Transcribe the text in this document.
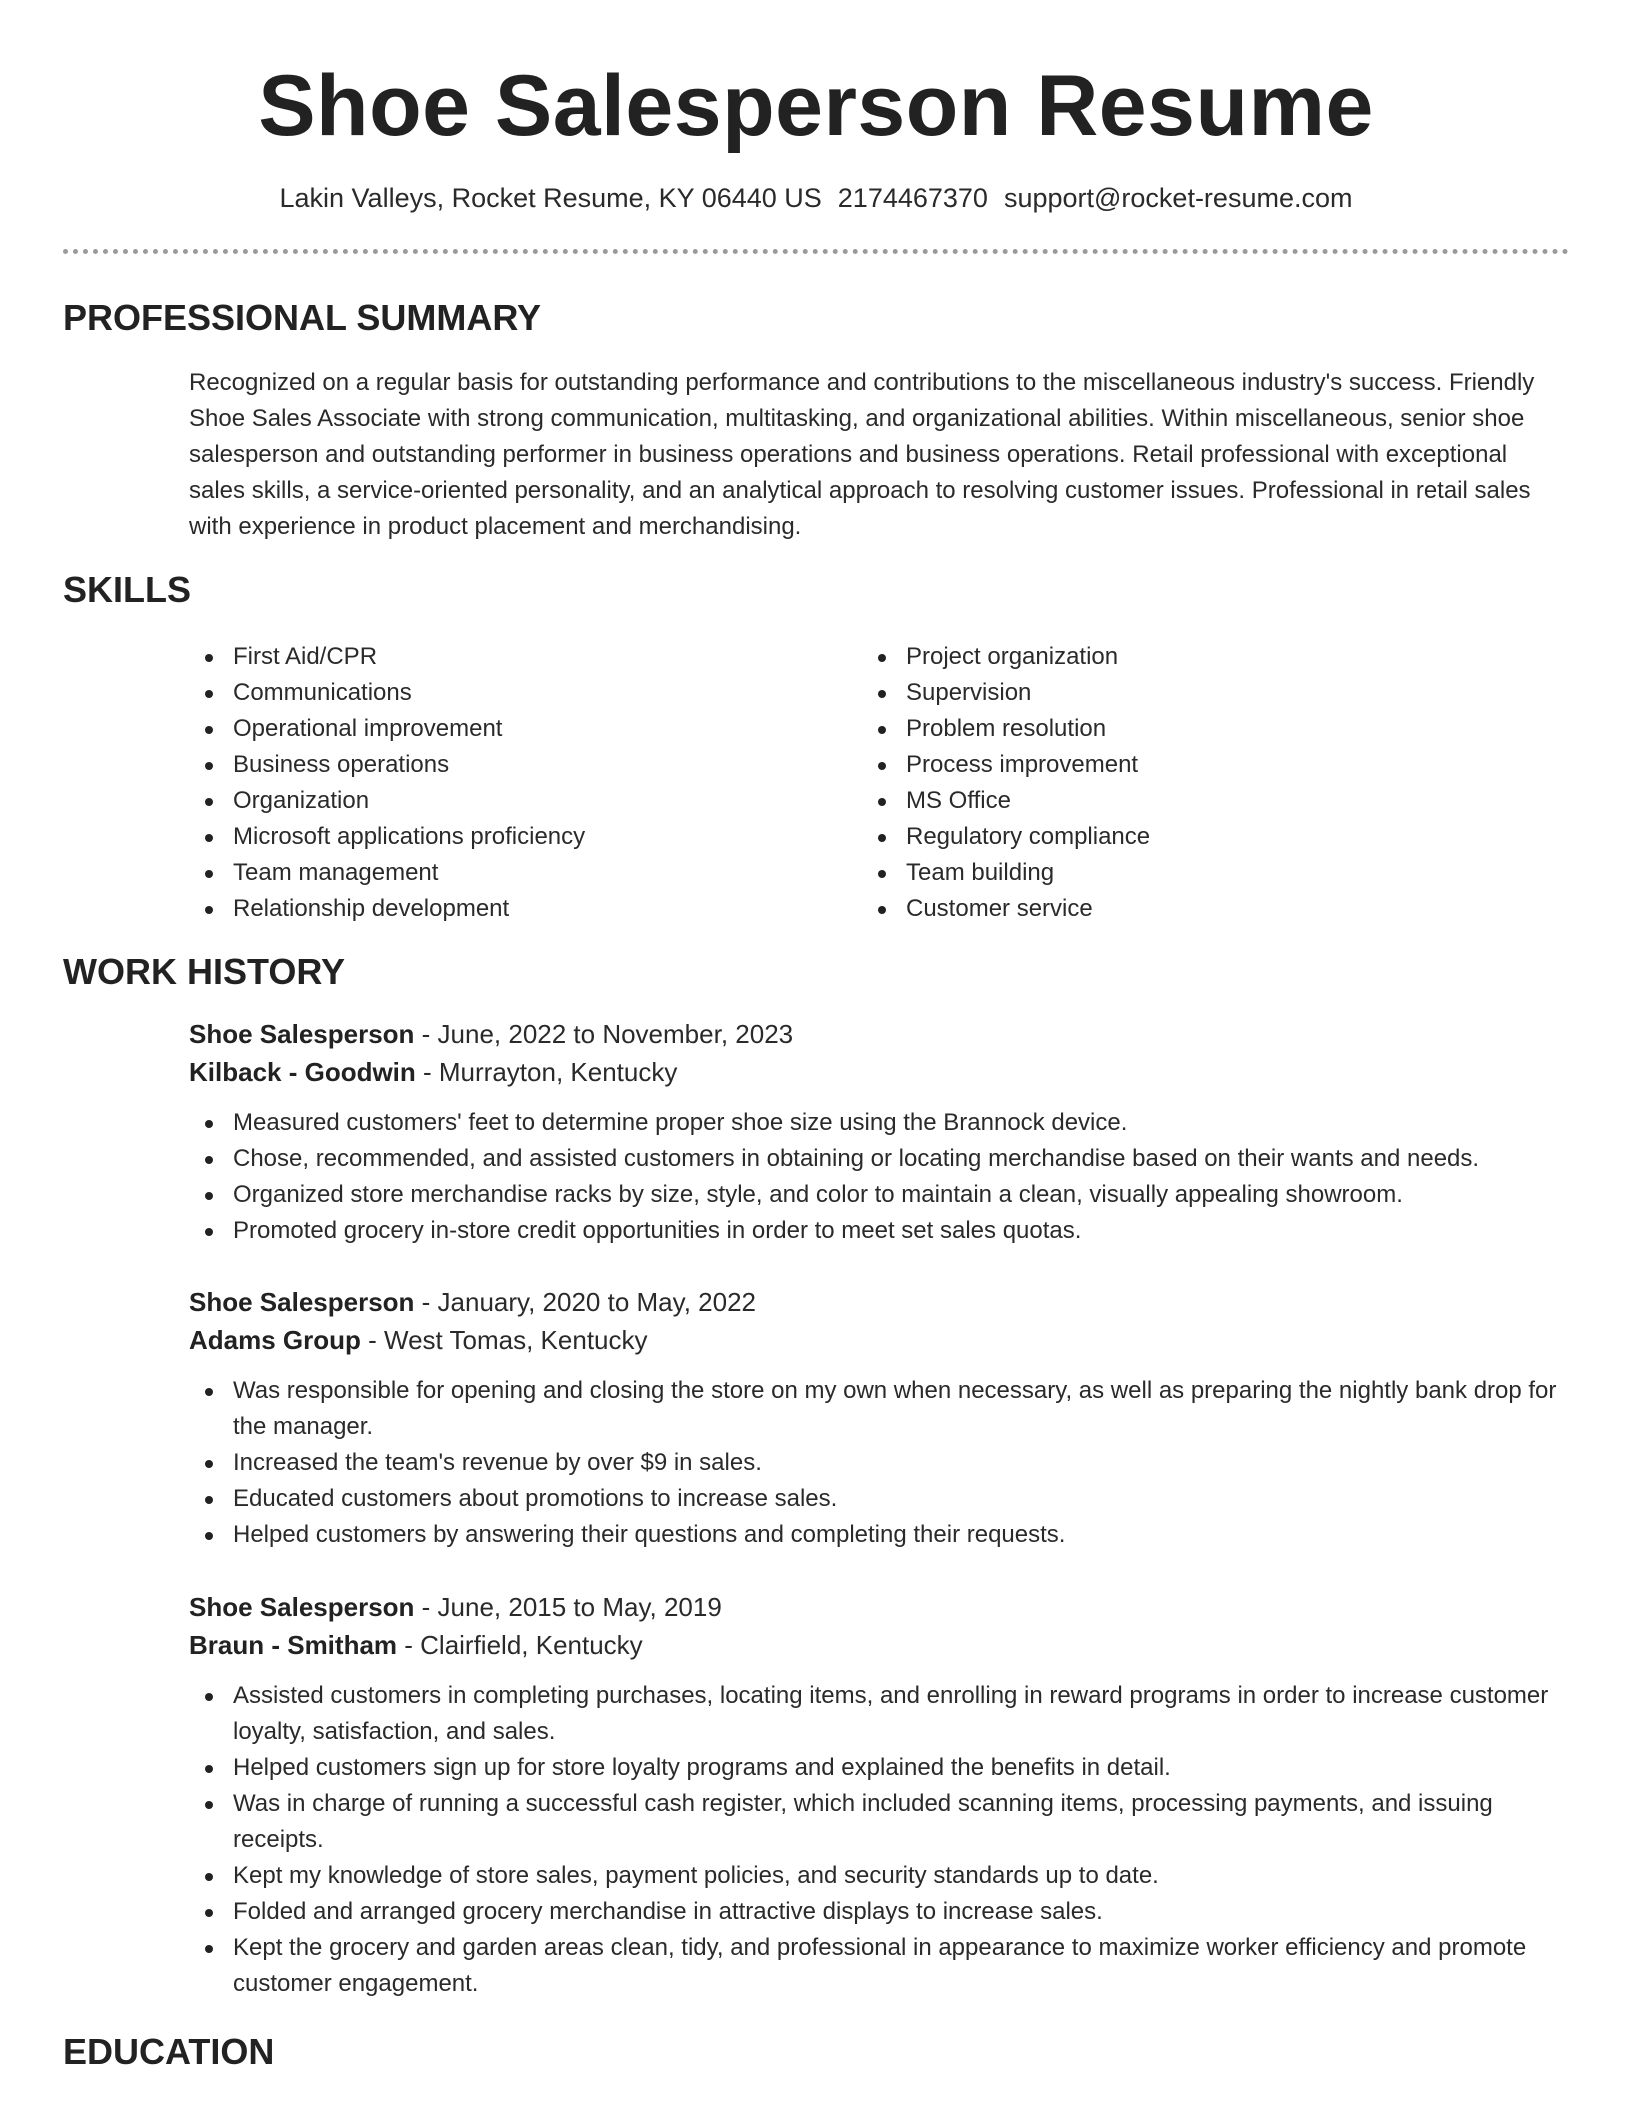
Shoe Salesperson Resume
Lakin Valleys, Rocket Resume, KY 06440 US 2174467370 support@rocket-resume.com
PROFESSIONAL SUMMARY
Recognized on a regular basis for outstanding performance and contributions to the miscellaneous industry's success. Friendly Shoe Sales Associate with strong communication, multitasking, and organizational abilities. Within miscellaneous, senior shoe salesperson and outstanding performer in business operations and business operations. Retail professional with exceptional sales skills, a service-oriented personality, and an analytical approach to resolving customer issues. Professional in retail sales with experience in product placement and merchandising.
SKILLS
First Aid/CPR
Communications
Operational improvement
Business operations
Organization
Microsoft applications proficiency
Team management
Relationship development
Project organization
Supervision
Problem resolution
Process improvement
MS Office
Regulatory compliance
Team building
Customer service
WORK HISTORY
Shoe Salesperson - June, 2022 to November, 2023
Kilback - Goodwin - Murrayton, Kentucky
Measured customers' feet to determine proper shoe size using the Brannock device.
Chose, recommended, and assisted customers in obtaining or locating merchandise based on their wants and needs.
Organized store merchandise racks by size, style, and color to maintain a clean, visually appealing showroom.
Promoted grocery in-store credit opportunities in order to meet set sales quotas.
Shoe Salesperson - January, 2020 to May, 2022
Adams Group - West Tomas, Kentucky
Was responsible for opening and closing the store on my own when necessary, as well as preparing the nightly bank drop for the manager.
Increased the team's revenue by over $9 in sales.
Educated customers about promotions to increase sales.
Helped customers by answering their questions and completing their requests.
Shoe Salesperson - June, 2015 to May, 2019
Braun - Smitham - Clairfield, Kentucky
Assisted customers in completing purchases, locating items, and enrolling in reward programs in order to increase customer loyalty, satisfaction, and sales.
Helped customers sign up for store loyalty programs and explained the benefits in detail.
Was in charge of running a successful cash register, which included scanning items, processing payments, and issuing receipts.
Kept my knowledge of store sales, payment policies, and security standards up to date.
Folded and arranged grocery merchandise in attractive displays to increase sales.
Kept the grocery and garden areas clean, tidy, and professional in appearance to maximize worker efficiency and promote customer engagement.
EDUCATION
